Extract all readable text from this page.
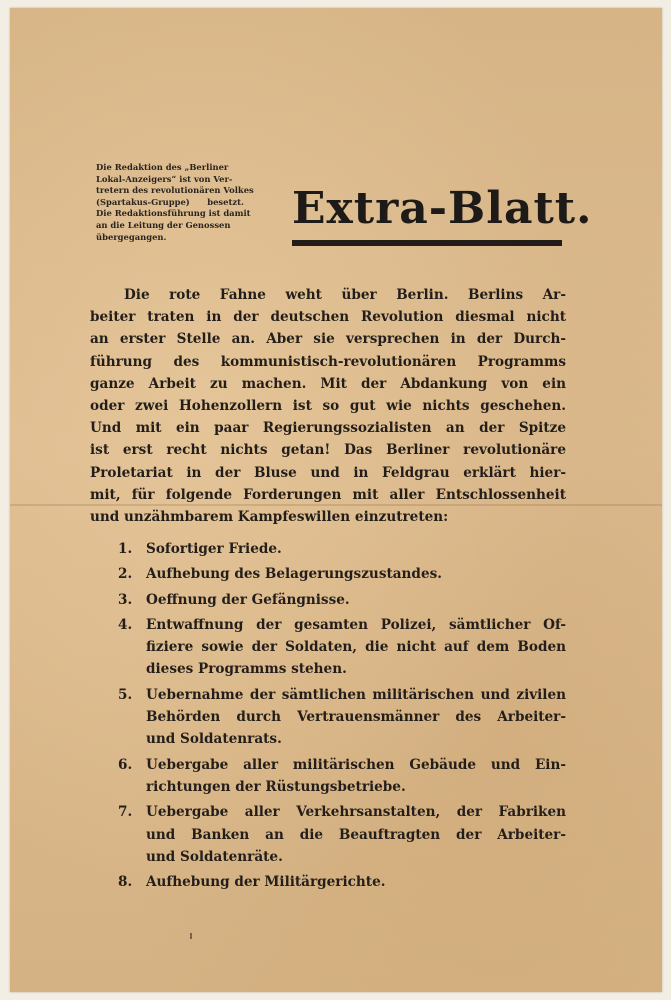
Die Redaktion des „Berliner
Lokal-Anzeigers“ ist von Ver-
tretern des revolutionären Volkes
(Spartakus-Gruppe)      besetzt.
Die Redaktionsführung ist damit
an die Leitung der Genossen
übergegangen.
Extra-Blatt.
Die rote Fahne weht über Berlin. Berlins Ar-
beiter traten in der deutschen Revolution diesmal nicht
an erster Stelle an. Aber sie versprechen in der Durch-
führung des kommunistisch-revolutionären Programms
ganze Arbeit zu machen. Mit der Abdankung von ein
oder zwei Hohenzollern ist so gut wie nichts geschehen.
Und mit ein paar Regierungssozialisten an der Spitze
ist erst recht nichts getan! Das Berliner revolutionäre
Proletariat in der Bluse und in Feldgrau erklärt hier-
mit, für folgende Forderungen mit aller Entschlossenheit
und unzähmbarem Kampfeswillen einzutreten:
1.	Sofortiger Friede.
2.	Aufhebung des Belagerungszustandes.
3.	Oeffnung der Gefängnisse.
4.	Entwaffnung der gesamten Polizei, sämtlicher Of-
fiziere sowie der Soldaten, die nicht auf dem Boden
dieses Programms stehen.
5.	Uebernahme der sämtlichen militärischen und zivilen
Behörden durch Vertrauensmänner des Arbeiter-
und Soldatenrats.
6.	Uebergabe aller militärischen Gebäude und Ein-
richtungen der Rüstungsbetriebe.
7.	Uebergabe aller Verkehrsanstalten, der Fabriken
und Banken an die Beauftragten der Arbeiter-
und Soldatenräte.
8.	Aufhebung der Militärgerichte.
